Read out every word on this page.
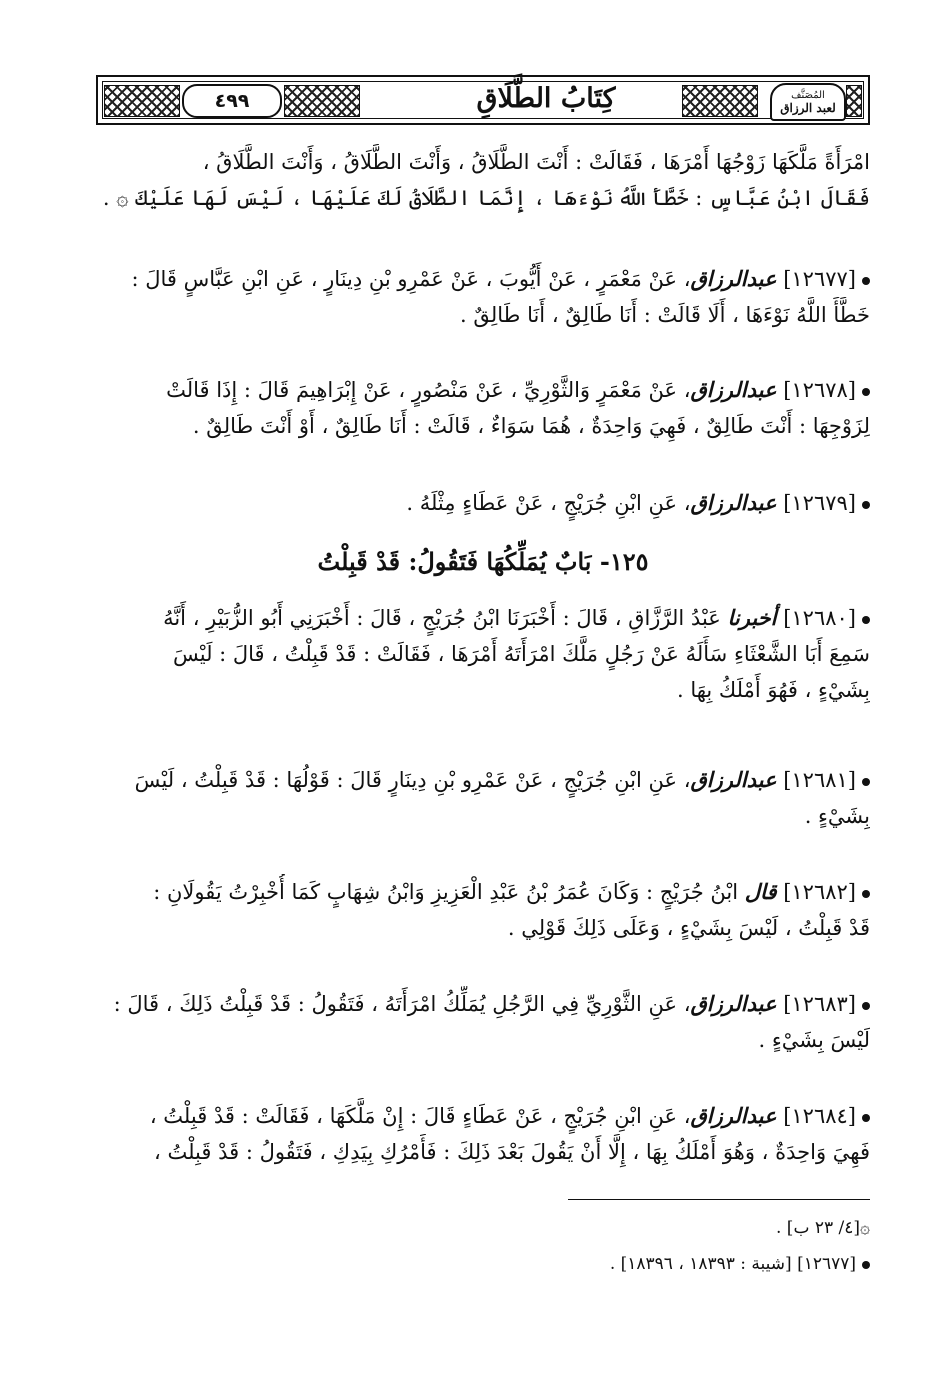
٤٩٩	كِتَابُ الطَّلَاقِ	المُصَنَّف
لعبد الرزاق

امْرَأَةً مَلَّكَهَا زَوْجُهَا أَمْرَهَا ، فَقَالَتْ : أَنْتَ الطَّلَاقُ ، وَأَنْتَ الطَّلَاقُ ، وَأَنْتَ الطَّلَاقُ ،

فَقَالَ ابْنُ عَبَّاسٍ : خَطَّأَ اللَّهُ نَوْءَهَا ، إِنَّمَا الطَّلَاقُ لَكَ عَلَيْهَا ، لَيْسَ لَهَا عَلَيْكَ ۞ .

[١٢٦٧٧] عبدالرزاق، عَنْ مَعْمَرٍ ، عَنْ أَيُّوبَ ، عَنْ عَمْرِو بْنِ دِينَارٍ ، عَنِ ابْنِ عَبَّاسٍ قَالَ :

خَطَّأَ اللَّهُ نَوْءَهَا ، أَلَا قَالَتْ : أَنَا طَالِقٌ ، أَنَا طَالِقٌ .

[١٢٦٧٨] عبدالرزاق، عَنْ مَعْمَرٍ وَالثَّوْرِيِّ ، عَنْ مَنْصُورٍ ، عَنْ إِبْرَاهِيمَ قَالَ : إِذَا قَالَتْ

لِزَوْجِهَا : أَنْتَ طَالِقٌ ، فَهِيَ وَاحِدَةٌ ، هُمَا سَوَاءٌ ، قَالَتْ : أَنَا طَالِقٌ ، أَوْ أَنْتَ طَالِقٌ .

[١٢٦٧٩] عبدالرزاق، عَنِ ابْنِ جُرَيْجٍ ، عَنْ عَطَاءٍ مِثْلَهُ .

١٢٥- بَابٌ يُمَلِّكُهَا فَتَقُولُ: قَدْ قَبِلْتُ

[١٢٦٨٠] أخبرنا عَبْدُ الرَّزَّاقِ ، قَالَ : أَخْبَرَنَا ابْنُ جُرَيْجٍ ، قَالَ : أَخْبَرَنِي أَبُو الزُّبَيْرِ ، أَنَّهُ

سَمِعَ أَبَا الشَّعْثَاءِ سَأَلَهُ عَنْ رَجُلٍ مَلَّكَ امْرَأَتَهُ أَمْرَهَا ، فَقَالَتْ : قَدْ قَبِلْتُ ، قَالَ : لَيْسَ

بِشَيْءٍ ، فَهُوَ أَمْلَكُ بِهَا .

[١٢٦٨١] عبدالرزاق، عَنِ ابْنِ جُرَيْجٍ ، عَنْ عَمْرِو بْنِ دِينَارٍ قَالَ : قَوْلُهَا : قَدْ قَبِلْتُ ، لَيْسَ

بِشَيْءٍ .

[١٢٦٨٢] قال ابْنُ جُرَيْجٍ : وَكَانَ عُمَرُ بْنُ عَبْدِ الْعَزِيزِ وَابْنُ شِهَابٍ كَمَا أُخْبِرْتُ يَقُولَانِ :

قَدْ قَبِلْتُ ، لَيْسَ بِشَيْءٍ ، وَعَلَى ذَلِكَ قَوْلِي .

[١٢٦٨٣] عبدالرزاق، عَنِ الثَّوْرِيِّ فِي الرَّجُلِ يُمَلِّكُ امْرَأَتَهُ ، فَتَقُولُ : قَدْ قَبِلْتُ ذَلِكَ ، قَالَ :

لَيْسَ بِشَيْءٍ .

[١٢٦٨٤] عبدالرزاق، عَنِ ابْنِ جُرَيْجٍ ، عَنْ عَطَاءٍ قَالَ : إِنْ مَلَّكَهَا ، فَقَالَتْ : قَدْ قَبِلْتُ ،

فَهِيَ وَاحِدَةٌ ، وَهُوَ أَمْلَكُ بِهَا ، إِلَّا أَنْ يَقُولَ بَعْدَ ذَلِكَ : فَأَمْرُكِ بِيَدِكِ ، فَتَقُولُ : قَدْ قَبِلْتُ ،

۞[٤/ ٢٣ ب] .
[١٢٦٧٧] [شيبة : ١٨٣٩٣ ، ١٨٣٩٦] .
